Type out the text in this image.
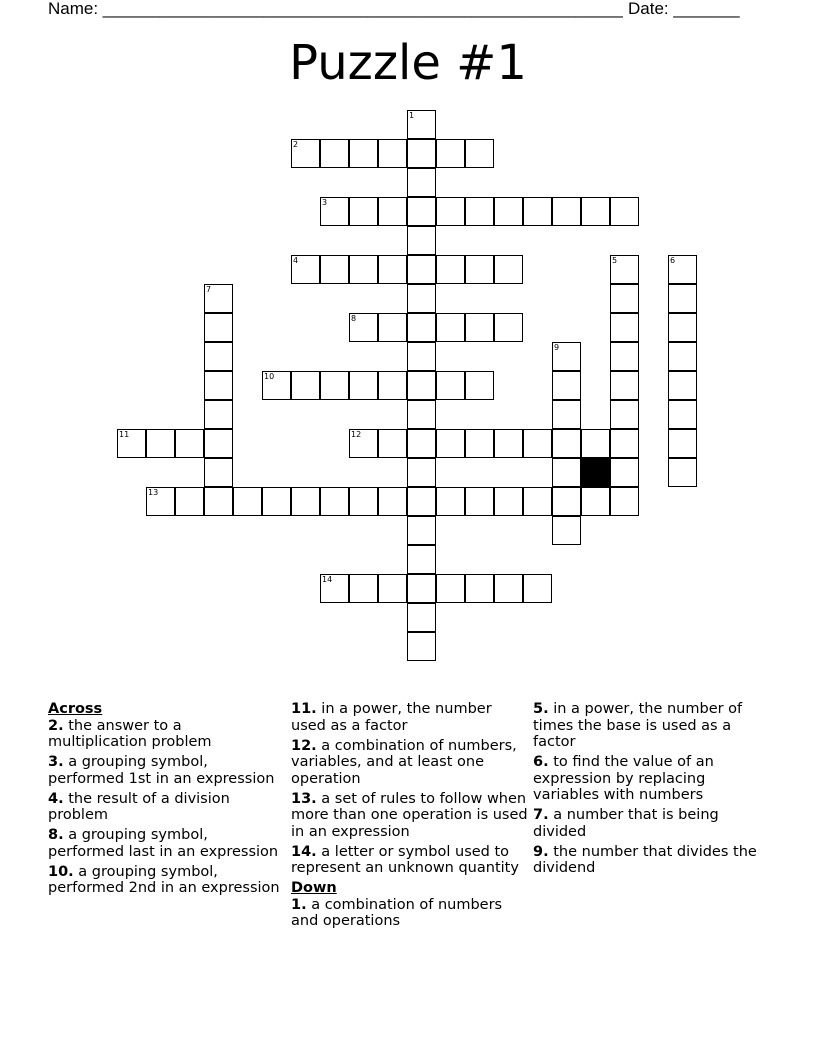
Name: _______________________________________________________ Date: _______
Puzzle #1
1
2
3
4	5	6
7
8
9
10
11	12
13
14
Across
2. the answer to a multiplication problem
3. a grouping symbol, performed 1st in an expression
4. the result of a division problem
8. a grouping symbol, performed last in an expression
10. a grouping symbol, performed 2nd in an expression
11. in a power, the number used as a factor
12. a combination of numbers, variables, and at least one operation
13. a set of rules to follow when more than one operation is used in an expression
14. a letter or symbol used to represent an unknown quantity
Down
1. a combination of numbers and operations
5. in a power, the number of times the base is used as a factor
6. to find the value of an expression by replacing variables with numbers
7. a number that is being divided
9. the number that divides the dividend
